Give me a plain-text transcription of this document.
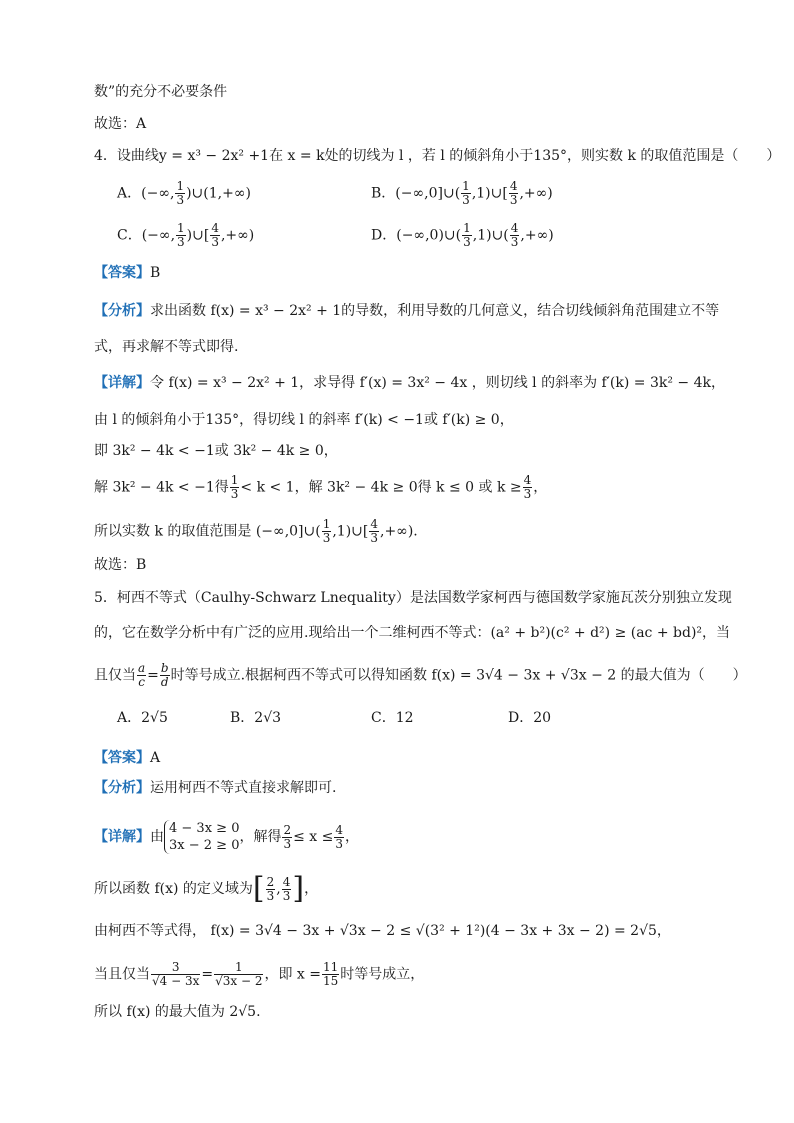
数”的充分不必要条件
故选：A
4．设曲线y = x³ − 2x² +1在 x = k处的切线为 l ，若 l 的倾斜角小于135°，则实数 k 的取值范围是（　　）
A．(−∞, $\frac{1}{3}$ )∪(1,+∞)	B．(−∞,0]∪( $\frac{1}{3}$ ,1)∪[ $\frac{4}{3}$ ,+∞)
C．(−∞, $\frac{1}{3}$ )∪[ $\frac{4}{3}$ ,+∞)	D．(−∞,0)∪( $\frac{1}{3}$ ,1)∪( $\frac{4}{3}$ ,+∞)
【答案】B
【分析】求出函数 f(x) = x³ − 2x² + 1的导数，利用导数的几何意义，结合切线倾斜角范围建立不等
式，再求解不等式即得.
【详解】令 f(x) = x³ − 2x² + 1，求导得 f′(x) = 3x² − 4x ，则切线 l 的斜率为 f′(k) = 3k² − 4k，
由 l 的倾斜角小于135°，得切线 l 的斜率 f′(k) < −1或 f′(k) ≥ 0，
即 3k² − 4k < −1或 3k² − 4k ≥ 0，
解 3k² − 4k < −1得 $\frac{1}{3} < k < 1$，解 3k² − 4k ≥ 0得 k ≤ 0 或 $k \ge \frac{4}{3}$ ，
所以实数 k 的取值范围是 (−∞,0]∪( $\frac{1}{3}$ ,1)∪[ $\frac{4}{3}$ ,+∞).
故选：B
5．柯西不等式（Caulhy-Schwarz Lnequality）是法国数学家柯西与德国数学家施瓦茨分别独立发现
的，它在数学分析中有广泛的应用.现给出一个二维柯西不等式：(a² + b²)(c² + d²) ≥ (ac + bd)²，当
且仅当 $\frac{a}{c} = \frac{b}{d}$ 时等号成立.根据柯西不等式可以得知函数 f(x) = 3√4 − 3x + √3x − 2 的最大值为（　　）
A．2√5	B．2√3	C．12	D．20
【答案】A
【分析】运用柯西不等式直接求解即可.
【详解】由
4 − 3x ≥ 0
3x − 2 ≥ 0
，解得 $\frac{2}{3} \le x \le \frac{4}{3}$ ，
所以函数 f(x) 的定义域为[ $\frac{2}{3}$ , $\frac{4}{3}$ ]，
由柯西不等式得， f(x) = 3√4 − 3x + √3x − 2 ≤ √(3² + 1²)(4 − 3x + 3x − 2) = 2√5，
当且仅当 $\frac{3}{√4 - 3x} = \frac{1}{√3x - 2}$ ，即 $x = \frac{11}{15}$ 时等号成立，
所以 f(x) 的最大值为 2√5.
